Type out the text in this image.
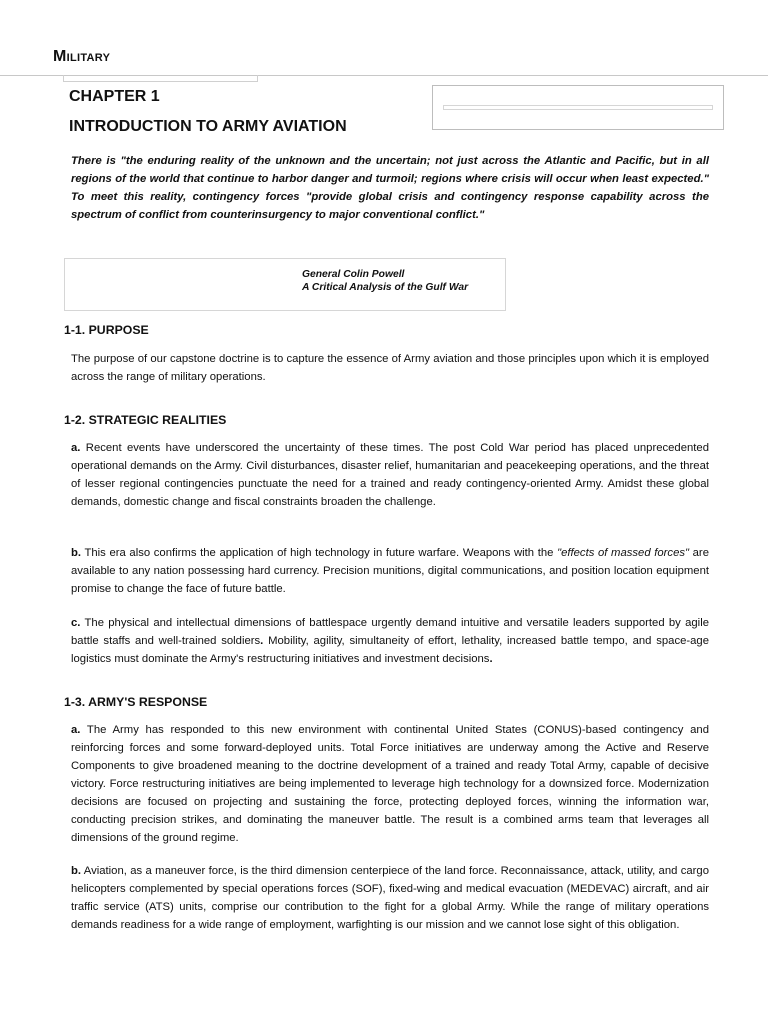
Military
CHAPTER 1
INTRODUCTION TO ARMY AVIATION

There is "the enduring reality of the unknown and the uncertain; not just across the Atlantic and Pacific, but in all regions of the world that continue to harbor danger and turmoil; regions where crisis will occur when least expected." To meet this reality, contingency forces "provide global crisis and contingency response capability across the spectrum of conflict from counterinsurgency to major conventional conflict."

General Colin Powell
A Critical Analysis of the Gulf War
1-1. PURPOSE

The purpose of our capstone doctrine is to capture the essence of Army aviation and those principles upon which it is employed across the range of military operations.

1-2. STRATEGIC REALITIES

a. Recent events have underscored the uncertainty of these times. The post Cold War period has placed unprecedented operational demands on the Army. Civil disturbances, disaster relief, humanitarian and peacekeeping operations, and the threat of lesser regional contingencies punctuate the need for a trained and ready contingency-oriented Army. Amidst these global demands, domestic change and fiscal constraints broaden the challenge.

b. This era also confirms the application of high technology in future warfare. Weapons with the "effects of massed forces" are available to any nation possessing hard currency. Precision munitions, digital communications, and position location equipment promise to change the face of future battle.

c. The physical and intellectual dimensions of battlespace urgently demand intuitive and versatile leaders supported by agile battle staffs and well-trained soldiers. Mobility, agility, simultaneity of effort, lethality, increased battle tempo, and space-age logistics must dominate the Army's restructuring initiatives and investment decisions.

1-3. ARMY'S RESPONSE

a. The Army has responded to this new environment with continental United States (CONUS)-based contingency and reinforcing forces and some forward-deployed units. Total Force initiatives are underway among the Active and Reserve Components to give broadened meaning to the doctrine development of a trained and ready Total Army, capable of decisive victory. Force restructuring initiatives are being implemented to leverage high technology for a downsized force. Modernization decisions are focused on projecting and sustaining the force, protecting deployed forces, winning the information war, conducting precision strikes, and dominating the maneuver battle. The result is a combined arms team that leverages all dimensions of the ground regime.

b. Aviation, as a maneuver force, is the third dimension centerpiece of the land force. Reconnaissance, attack, utility, and cargo helicopters complemented by special operations forces (SOF), fixed-wing and medical evacuation (MEDEVAC) aircraft, and air traffic service (ATS) units, comprise our contribution to the fight for a global Army. While the range of military operations demands readiness for a wide range of employment, warfighting is our mission and we cannot lose sight of this obligation.
